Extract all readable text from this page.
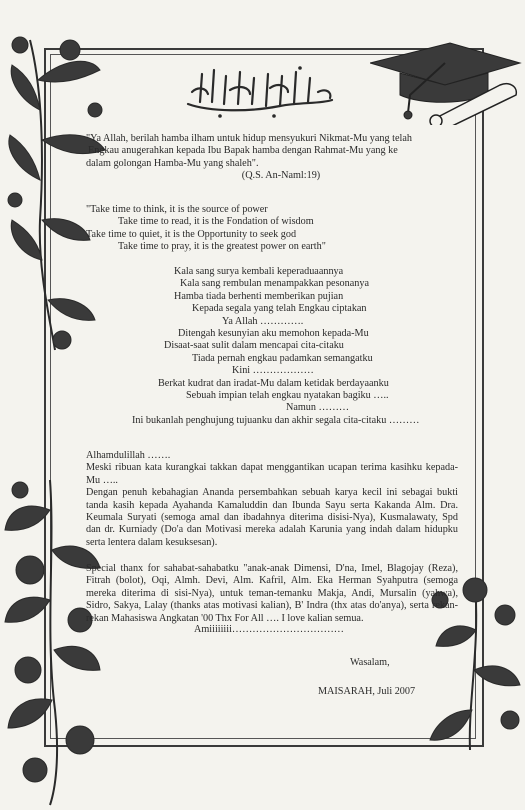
"Ya Allah, berilah hamba ilham untuk hidup mensyukuri Nikmat-Mu yang telah
Engkau anugerahkan kepada Ibu Bapak hamba dengan Rahmat-Mu yang ke
dalam golongan Hamba-Mu yang shaleh".
(Q.S. An-Naml:19)
"Take time to think, it is the source of power
Take time to read, it is the Fondation of wisdom
Take time to quiet, it is the Opportunity to seek god
Take time to pray, it is the greatest power on earth"
Kala sang surya kembali keperaduaannya
Kala sang rembulan menampakkan pesonanya
Hamba tiada berhenti memberikan pujian
Kepada segala yang telah Engkau ciptakan
Ya Allah ………….
Ditengah kesunyian aku memohon kepada-Mu
Disaat-saat sulit dalam mencapai cita-citaku
Tiada pernah engkau padamkan semangatku
Kini ………………
Berkat kudrat dan iradat-Mu dalam ketidak berdayaanku
Sebuah impian telah engkau nyatakan bagiku …..
Namun ………
Ini bukanlah penghujung tujuanku dan akhir segala cita-citaku ………
Alhamdulillah …….

Meski ribuan kata kurangkai takkan dapat menggantikan ucapan terima kasihku kepada-Mu …..

Dengan penuh kebahagian Ananda persembahkan sebuah karya kecil ini sebagai bukti tanda kasih kepada Ayahanda Kamaluddin dan Ibunda Sayu serta Kakanda Alm. Dra. Keumala Suryati (semoga amal dan ibadahnya diterima disisi-Nya), Kusmalawaty, Spd dan dr. Kurniady (Do'a dan Motivasi mereka adalah Karunia yang indah dalam hidupku serta lentera dalam kesuksesan).

Special thanx for sahabat-sahabatku "anak-anak Dimensi, D'na, Imel, Blagojay (Reza), Fitrah (bolot), Oqi, Almh. Devi, Alm. Kafril, Alm. Eka Herman Syahputra (semoga mereka diterima di sisi-Nya), untuk teman-temanku Makja, Andi, Mursalin (yahwa), Sidro, Sakya, Lalay (thanks atas motivasi kalian), B' Indra (thx atas do'anya), serta rekan-rekan Mahasiswa Angkatan '00 Thx For All …. I love kalian semua.

Amiiiiiiii……………………………
Wasalam,
MAISARAH, Juli 2007
